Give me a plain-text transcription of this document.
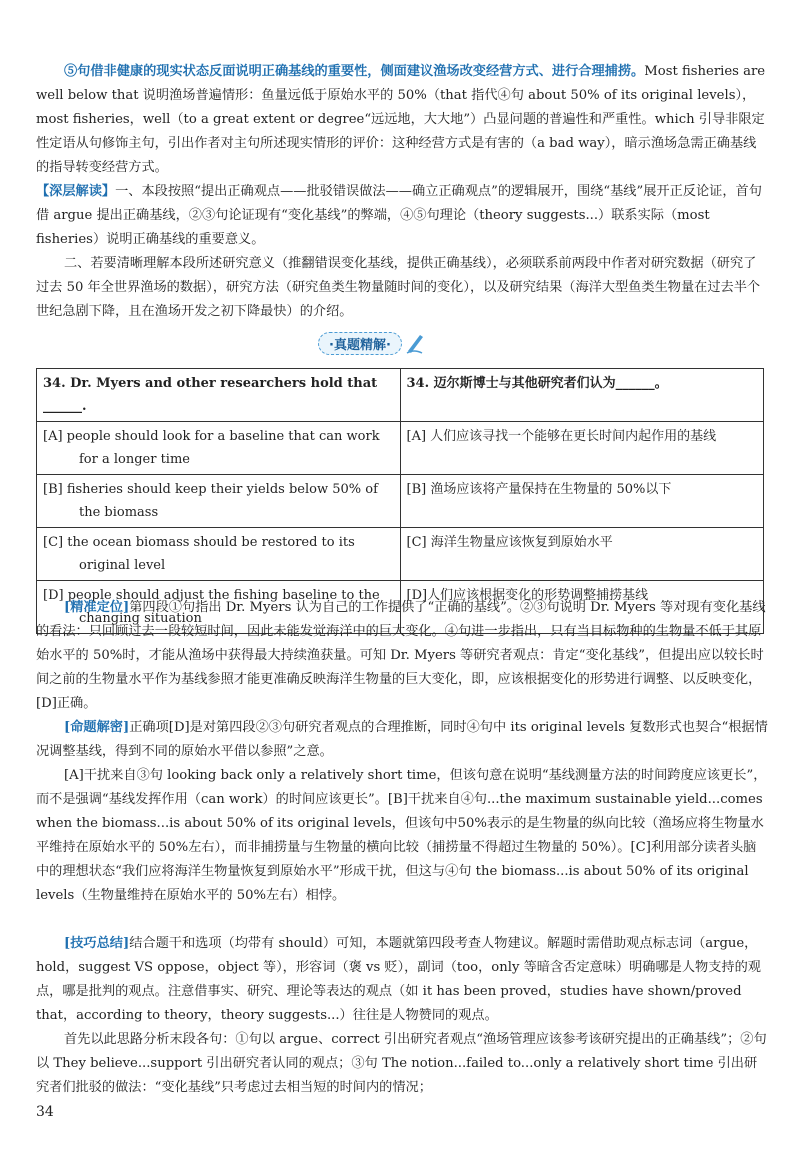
⑤句借非健康的现实状态反面说明正确基线的重要性，侧面建议渔场改变经营方式、进行合理捕捞。Most fisheries are well below that 说明渔场普遍情形：鱼量远低于原始水平的 50%（that 指代④句 about 50% of its original levels），most fisheries，well（to a great extent or degree“远远地，大大地”）凸显问题的普遍性和严重性。which 引导非限定性定语从句修饰主句，引出作者对主句所述现实情形的评价：这种经营方式是有害的（a bad way），暗示渔场急需正确基线的指导转变经营方式。

【深层解读】一、本段按照“提出正确观点——批驳错误做法——确立正确观点”的逻辑展开，围绕“基线”展开正反论证，首句借 argue 提出正确基线，②③句论证现有“变化基线”的弊端，④⑤句理论（theory suggests...）联系实际（most fisheries）说明正确基线的重要意义。

二、若要清晰理解本段所述研究意义（推翻错误变化基线，提供正确基线），必须联系前两段中作者对研究数据（研究了过去 50 年全世界渔场的数据），研究方法（研究鱼类生物量随时间的变化），以及研究结果（海洋大型鱼类生物量在过去半个世纪急剧下降，且在渔场开发之初下降最快）的介绍。

·真题精解·
34. Dr. Myers and other researchers hold that ______.	34. 迈尔斯博士与其他研究者们认为______。

[A] people should look for a baseline that can work for a longer time	[A] 人们应该寻找一个能够在更长时间内起作用的基线

[B] fisheries should keep their yields below 50% of the biomass	[B] 渔场应该将产量保持在生物量的 50%以下

[C] the ocean biomass should be restored to its original level	[C] 海洋生物量应该恢复到原始水平

[D] people should adjust the fishing baseline to the changing situation	[D]人们应该根据变化的形势调整捕捞基线

[精准定位]第四段①句指出 Dr. Myers 认为自己的工作提供了“正确的基线”。②③句说明 Dr. Myers 等对现有变化基线的看法：只回顾过去一段较短时间，因此未能发觉海洋中的巨大变化。④句进一步指出，只有当目标物种的生物量不低于其原始水平的 50%时，才能从渔场中获得最大持续渔获量。可知 Dr. Myers 等研究者观点：肯定“变化基线”，但提出应以较长时间之前的生物量水平作为基线参照才能更准确反映海洋生物量的巨大变化，即，应该根据变化的形势进行调整、以反映变化，[D]正确。

[命题解密]正确项[D]是对第四段②③句研究者观点的合理推断，同时④句中 its original levels 复数形式也契合“根据情况调整基线，得到不同的原始水平借以参照”之意。

[A]干扰来自③句 looking back only a relatively short time，但该句意在说明“基线测量方法的时间跨度应该更长”，而不是强调“基线发挥作用（can work）的时间应该更长”。[B]干扰来自④句...the maximum sustainable yield...comes when the biomass...is about 50% of its original levels，但该句中50%表示的是生物量的纵向比较（渔场应将生物量水平维持在原始水平的 50%左右），而非捕捞量与生物量的横向比较（捕捞量不得超过生物量的 50%）。[C]利用部分读者头脑中的理想状态“我们应将海洋生物量恢复到原始水平”形成干扰，但这与④句 the biomass...is about 50% of its original levels（生物量维持在原始水平的 50%左右）相悖。

[技巧总结]结合题干和选项（均带有 should）可知，本题就第四段考查人物建议。解题时需借助观点标志词（argue，hold，suggest VS oppose，object 等），形容词（褒 vs 贬），副词（too，only 等暗含否定意味）明确哪是人物支持的观点，哪是批判的观点。注意借事实、研究、理论等表达的观点（如 it has been proved，studies have shown/proved that，according to theory，theory suggests...）往往是人物赞同的观点。

首先以此思路分析末段各句：①句以 argue、correct 引出研究者观点“渔场管理应该参考该研究提出的正确基线”；②句以 They believe...support 引出研究者认同的观点；③句 The notion...failed to...only a relatively short time 引出研究者们批驳的做法：“变化基线”只考虑过去相当短的时间内的情况；

34
